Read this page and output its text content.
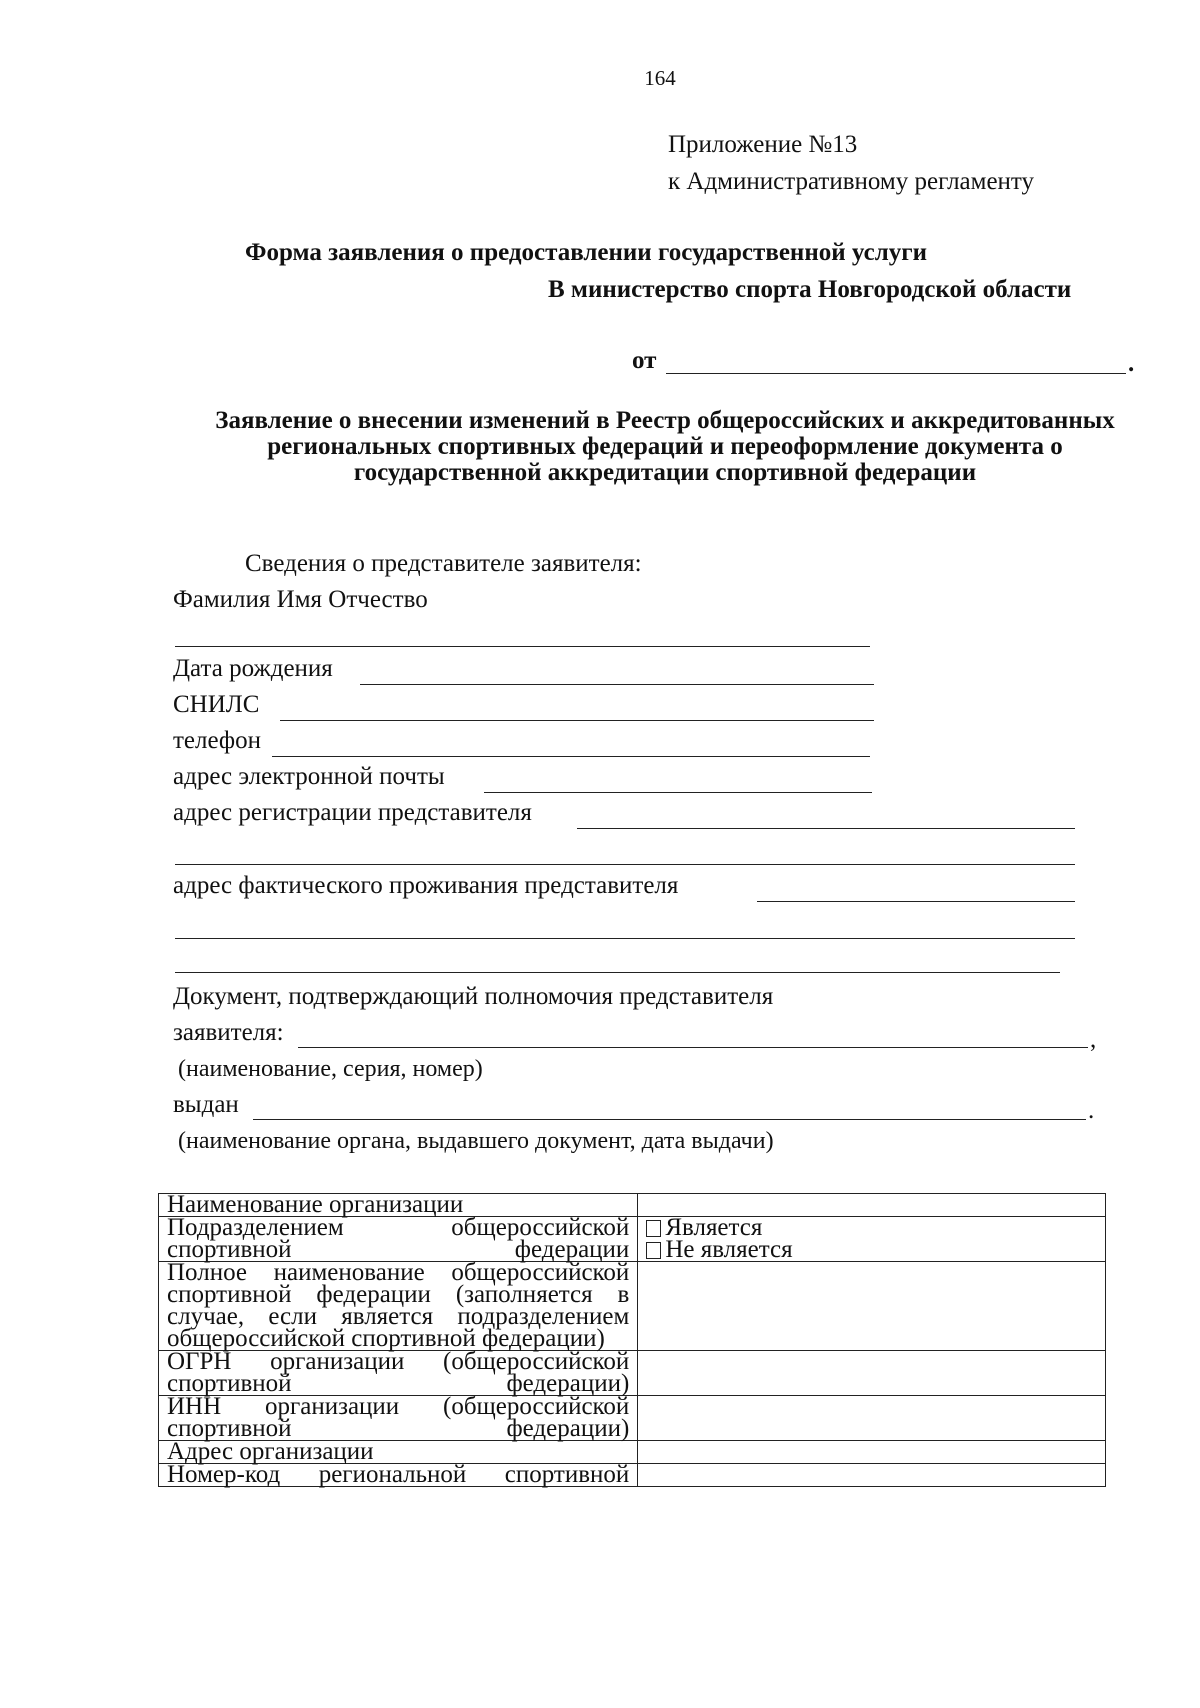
164
Приложение №13
к Административному регламенту
Форма заявления о предоставлении государственной услуги
В министерство спорта Новгородской области
от	.
Заявление о внесении изменений в Реестр общероссийских и аккредитованных региональных спортивных федераций и переоформление документа о государственной аккредитации спортивной федерации
Сведения о представителе заявителя:
Фамилия Имя Отчество
Дата рождения
СНИЛС
телефон
адрес электронной почты
адрес регистрации представителя
адрес фактического проживания представителя
Документ, подтверждающий полномочия представителя
заявителя:	,
(наименование, серия, номер)
выдан	.
(наименование органа, выдавшего документ, дата выдачи)
Наименование организации	
Подразделением общероссийской спортивной федерации	Является
Не является

Полное наименование общероссийской спортивной федерации (заполняется в случае, если является подразделением общероссийской спортивной федерации)	
ОГРН организации (общероссийской спортивной федерации)	
ИНН организации (общероссийской спортивной федерации)	
Адрес организации	
Номер-код региональной спортивной	
